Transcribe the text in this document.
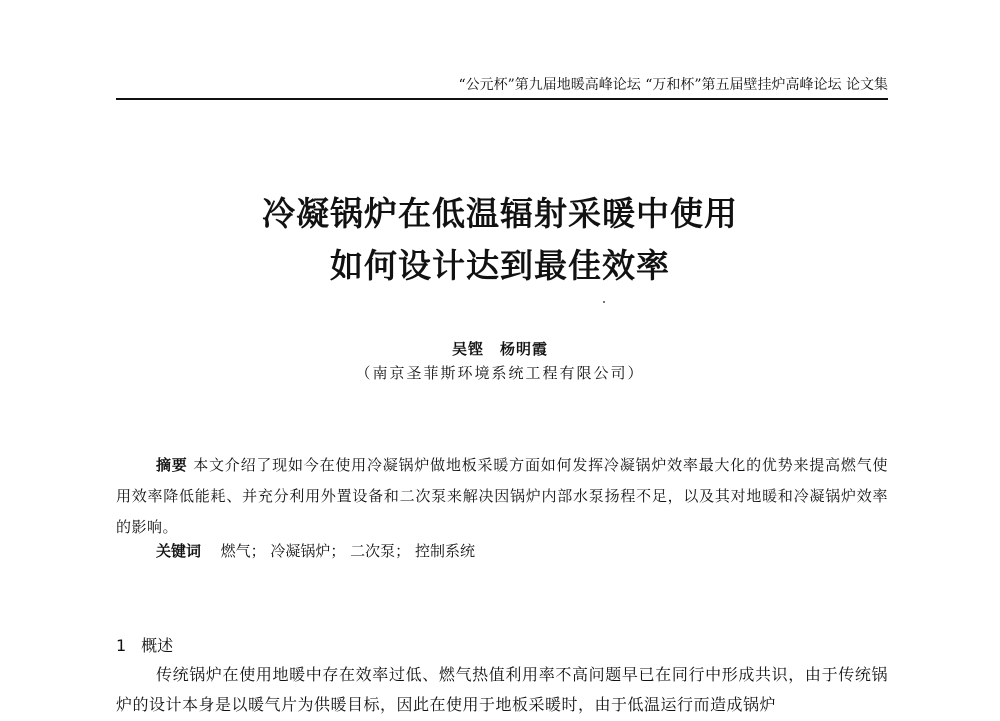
“公元杯”第九届地暖高峰论坛 “万和杯”第五届壁挂炉高峰论坛 论文集
冷凝锅炉在低温辐射采暖中使用
如何设计达到最佳效率
吴铿　杨明霞
（南京圣菲斯环境系统工程有限公司）
摘要 本文介绍了现如今在使用冷凝锅炉做地板采暖方面如何发挥冷凝锅炉效率最大化的优势来提高燃气使用效率降低能耗、并充分利用外置设备和二次泵来解决因锅炉内部水泵扬程不足，以及其对地暖和冷凝锅炉效率的影响。
关键词 燃气； 冷凝锅炉； 二次泵； 控制系统
1 概述
传统锅炉在使用地暖中存在效率过低、燃气热值利用率不高问题早已在同行中形成共识，由于传统锅炉的设计本身是以暖气片为供暖目标，因此在使用于地板采暖时，由于低温运行而造成锅炉
